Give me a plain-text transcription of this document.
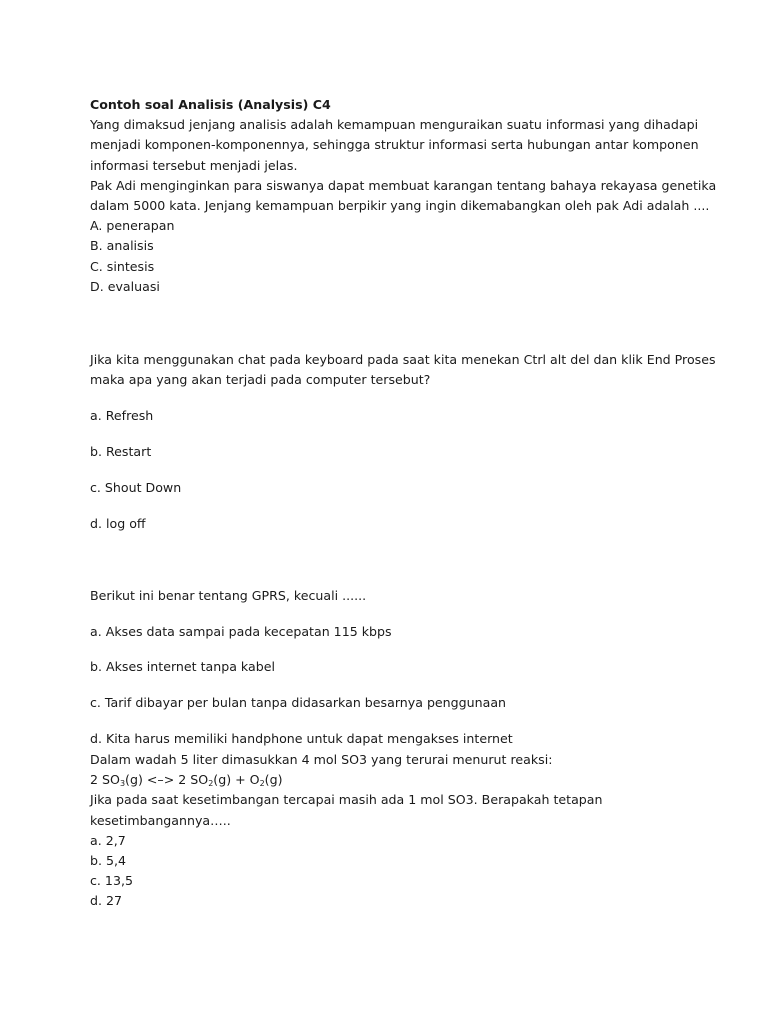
Contoh soal Analisis (Analysis) C4
Yang dimaksud jenjang analisis adalah kemampuan menguraikan suatu informasi yang dihadapi
menjadi komponen-komponennya, sehingga struktur informasi serta hubungan antar komponen
informasi tersebut menjadi jelas.
Pak Adi menginginkan para siswanya dapat membuat karangan tentang bahaya rekayasa genetika
dalam 5000 kata. Jenjang kemampuan berpikir yang ingin dikemabangkan oleh pak Adi adalah ....
A. penerapan
B. analisis
C. sintesis
D. evaluasi
Jika kita menggunakan chat pada keyboard pada saat kita menekan Ctrl alt del dan klik End Proses
maka apa yang akan terjadi pada computer tersebut?
a. Refresh
b. Restart
c. Shout Down
d. log off
Berikut ini benar tentang GPRS, kecuali ......
a. Akses data sampai pada kecepatan 115 kbps
b. Akses internet tanpa kabel
c. Tarif dibayar per bulan tanpa didasarkan besarnya penggunaan
d. Kita harus memiliki handphone untuk dapat mengakses internet
Dalam wadah 5 liter dimasukkan 4 mol SO3 yang terurai menurut reaksi:
2 $SO_3(g)$ <–> 2 $SO_2(g) + O_2(g)$
Jika pada saat kesetimbangan tercapai masih ada 1 mol SO3. Berapakah tetapan
kesetimbangannya…..
a. 2,7
b. 5,4
c. 13,5
d. 27
